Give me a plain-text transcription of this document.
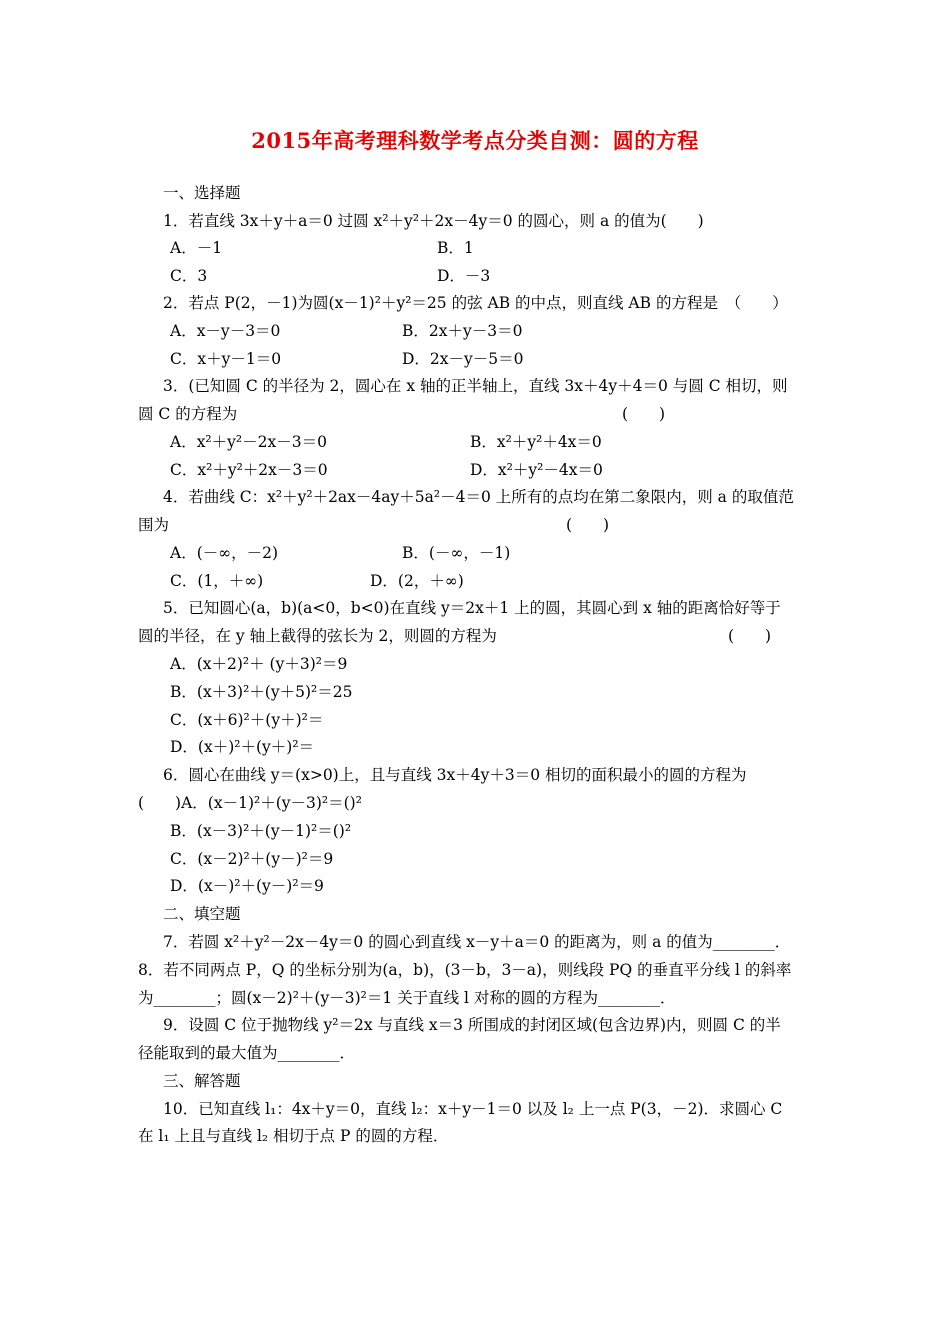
2015年高考理科数学考点分类自测：圆的方程
一、选择题
1．若直线 3x＋y＋a＝0 过圆 x²＋y²＋2x－4y＝0 的圆心，则 a 的值为(　　)
A．－1	B．1
C．3	D．－3
2．若点 P(2，－1)为圆(x－1)²＋y²＝25 的弦 AB 的中点，则直线 AB 的方程是　（　　）
A．x－y－3＝0	B．2x＋y－3＝0
C．x＋y－1＝0	D．2x－y－5＝0
3．(已知圆 C 的半径为 2，圆心在 x 轴的正半轴上，直线 3x＋4y＋4＝0 与圆 C 相切，则
圆 C 的方程为	(　　)
A．x²＋y²－2x－3＝0	B．x²＋y²＋4x＝0
C．x²＋y²＋2x－3＝0	D．x²＋y²－4x＝0
4．若曲线 C：x²＋y²＋2ax－4ay＋5a²－4＝0 上所有的点均在第二象限内，则 a 的取值范
围为	(　　)
A．(－∞，－2)	B．(－∞，－1)
C．(1，＋∞)	D．(2，＋∞)
5．已知圆心(a，b)(a<0，b<0)在直线 y＝2x＋1 上的圆，其圆心到 x 轴的距离恰好等于
圆的半径，在 y 轴上截得的弦长为 2，则圆的方程为	(　　)
A．(x＋2)²＋ (y＋3)²＝9
B．(x＋3)²＋(y＋5)²＝25
C．(x＋6)²＋(y＋)²＝
D．(x＋)²＋(y＋)²＝
6．圆心在曲线 y＝(x>0)上，且与直线 3x＋4y＋3＝0 相切的面积最小的圆的方程为
(　　)A．(x－1)²＋(y－3)²＝()²
B．(x－3)²＋(y－1)²＝()²
C．(x－2)²＋(y－)²＝9
D．(x－)²＋(y－)²＝9
二、填空题
7．若圆 x²＋y²－2x－4y＝0 的圆心到直线 x－y＋a＝0 的距离为，则 a 的值为________．
8．若不同两点 P，Q 的坐标分别为(a，b)，(3－b，3－a)，则线段 PQ 的垂直平分线 l 的斜率
为________；圆(x－2)²＋(y－3)²＝1 关于直线 l 对称的圆的方程为________．
9．设圆 C 位于抛物线 y²＝2x 与直线 x＝3 所围成的封闭区域(包含边界)内，则圆 C 的半
径能取到的最大值为________．
三、解答题
10．已知直线 l₁：4x＋y＝0，直线 l₂：x＋y－1＝0 以及 l₂ 上一点 P(3，－2)．求圆心 C
在 l₁ 上且与直线 l₂ 相切于点 P 的圆的方程．
